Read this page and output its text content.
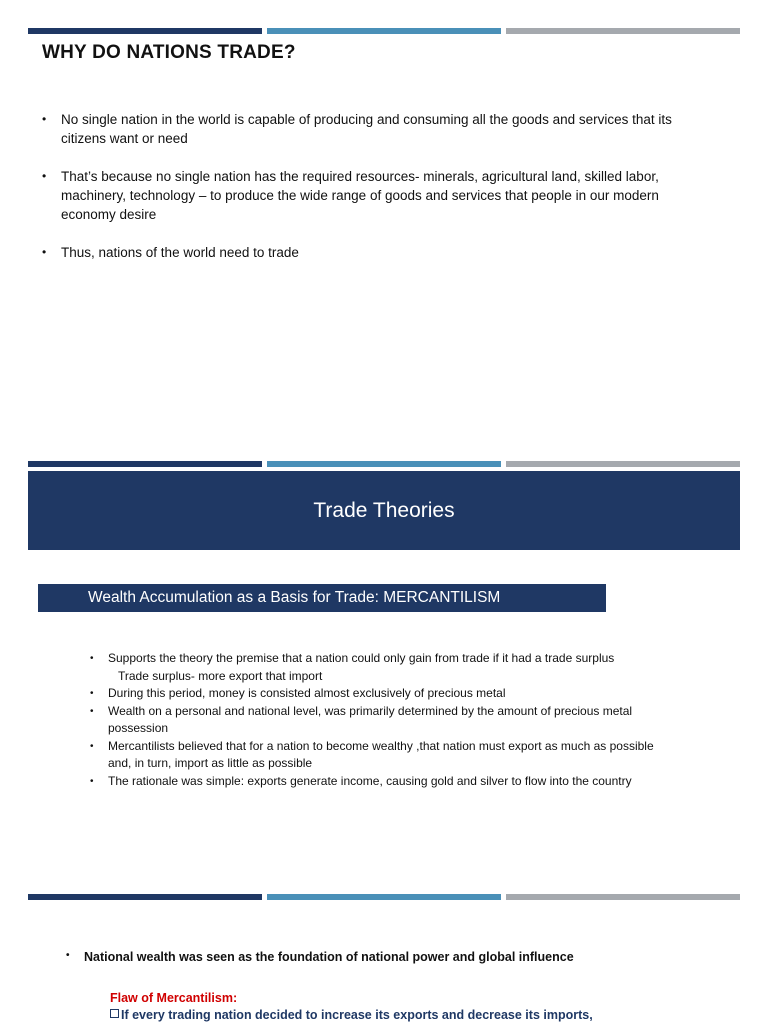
WHY DO NATIONS TRADE?
• No single nation in the world is capable of producing and consuming all the goods and services that its citizens want or need
• That’s because no single nation has the required resources- minerals, agricultural land, skilled labor, machinery, technology – to produce the wide range of goods and services that people in our modern economy desire
• Thus, nations of the world need to trade
Trade Theories
Wealth Accumulation as a Basis for Trade: MERCANTILISM
• Supports the theory the premise that a nation could only gain from trade if it had a trade surplus
Trade surplus- more export that import
• During this period, money is consisted almost exclusively of precious metal
• Wealth on a personal and national level, was primarily determined by the amount of precious metal possession
• Mercantilists believed that for a nation to become wealthy ,that nation must export as much as possible and, in turn, import as little as possible
• The rationale was simple: exports generate income, causing gold and silver to flow into the country
• National wealth was seen as the foundation of national power and global influence
Flaw of Mercantilism:
If every trading nation decided to increase its exports and decrease its imports,
